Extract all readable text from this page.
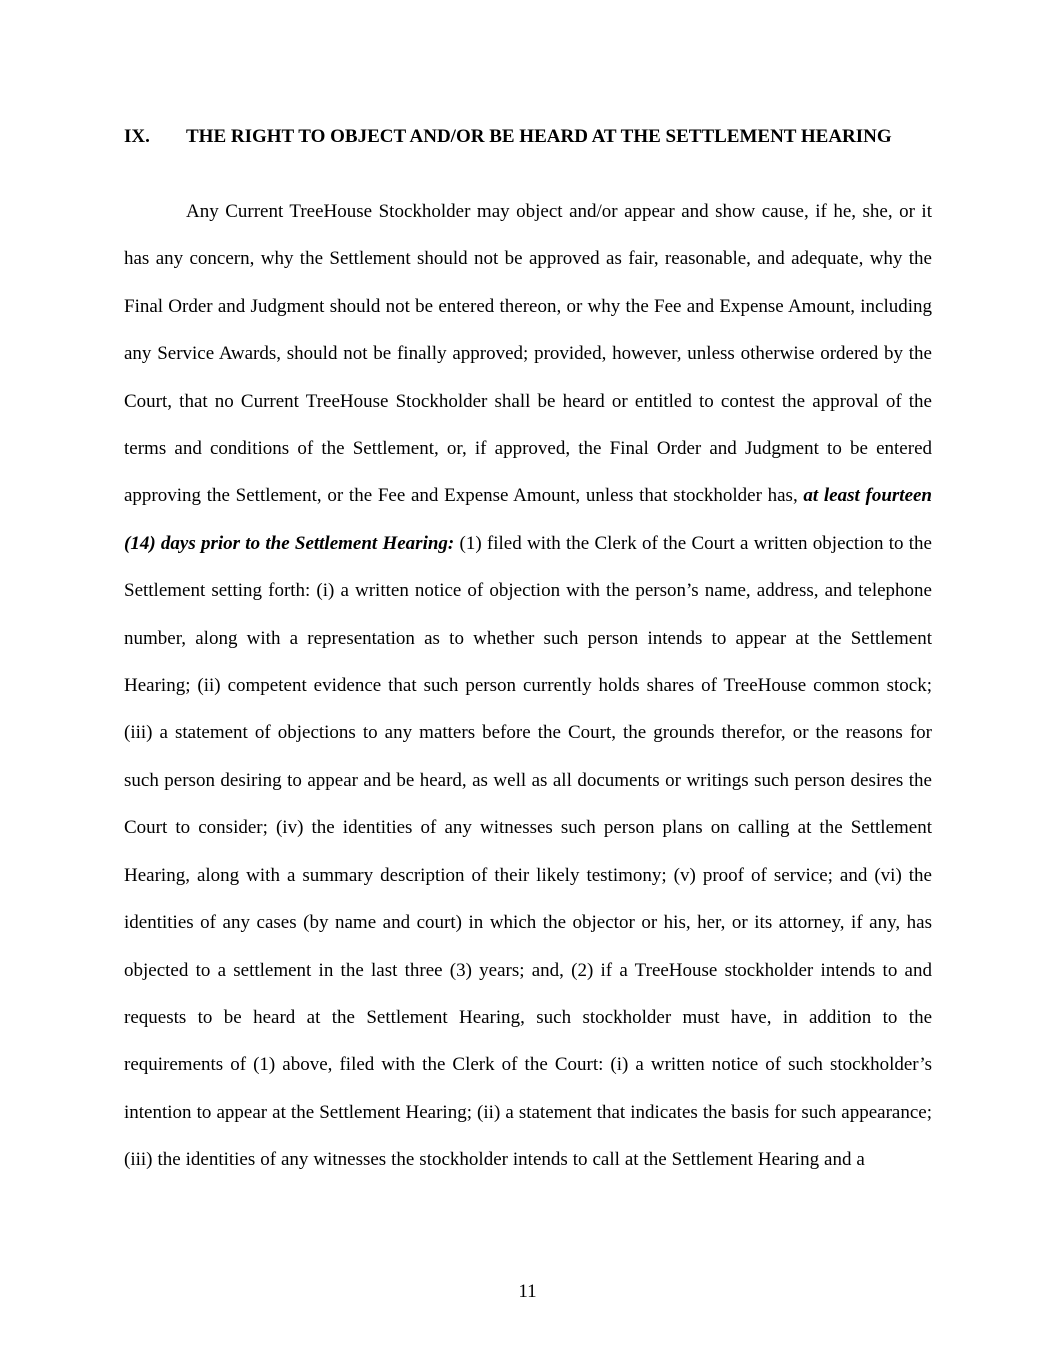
IX.	THE RIGHT TO OBJECT AND/OR BE HEARD AT THE SETTLEMENT HEARING

Any Current TreeHouse Stockholder may object and/or appear and show cause, if he, she, or it has any concern, why the Settlement should not be approved as fair, reasonable, and adequate, why the Final Order and Judgment should not be entered thereon, or why the Fee and Expense Amount, including any Service Awards, should not be finally approved; provided, however, unless otherwise ordered by the Court, that no Current TreeHouse Stockholder shall be heard or entitled to contest the approval of the terms and conditions of the Settlement, or, if approved, the Final Order and Judgment to be entered approving the Settlement, or the Fee and Expense Amount, unless that stockholder has, at least fourteen (14) days prior to the Settlement Hearing: (1) filed with the Clerk of the Court a written objection to the Settlement setting forth: (i) a written notice of objection with the person’s name, address, and telephone number, along with a representation as to whether such person intends to appear at the Settlement Hearing; (ii) competent evidence that such person currently holds shares of TreeHouse common stock; (iii) a statement of objections to any matters before the Court, the grounds therefor, or the reasons for such person desiring to appear and be heard, as well as all documents or writings such person desires the Court to consider; (iv) the identities of any witnesses such person plans on calling at the Settlement Hearing, along with a summary description of their likely testimony; (v) proof of service; and (vi) the identities of any cases (by name and court) in which the objector or his, her, or its attorney, if any, has objected to a settlement in the last three (3) years; and, (2) if a TreeHouse stockholder intends to and requests to be heard at the Settlement Hearing, such stockholder must have, in addition to the requirements of (1) above, filed with the Clerk of the Court: (i) a written notice of such stockholder’s intention to appear at the Settlement Hearing; (ii) a statement that indicates the basis for such appearance; (iii) the identities of any witnesses the stockholder intends to call at the Settlement Hearing and a

11
